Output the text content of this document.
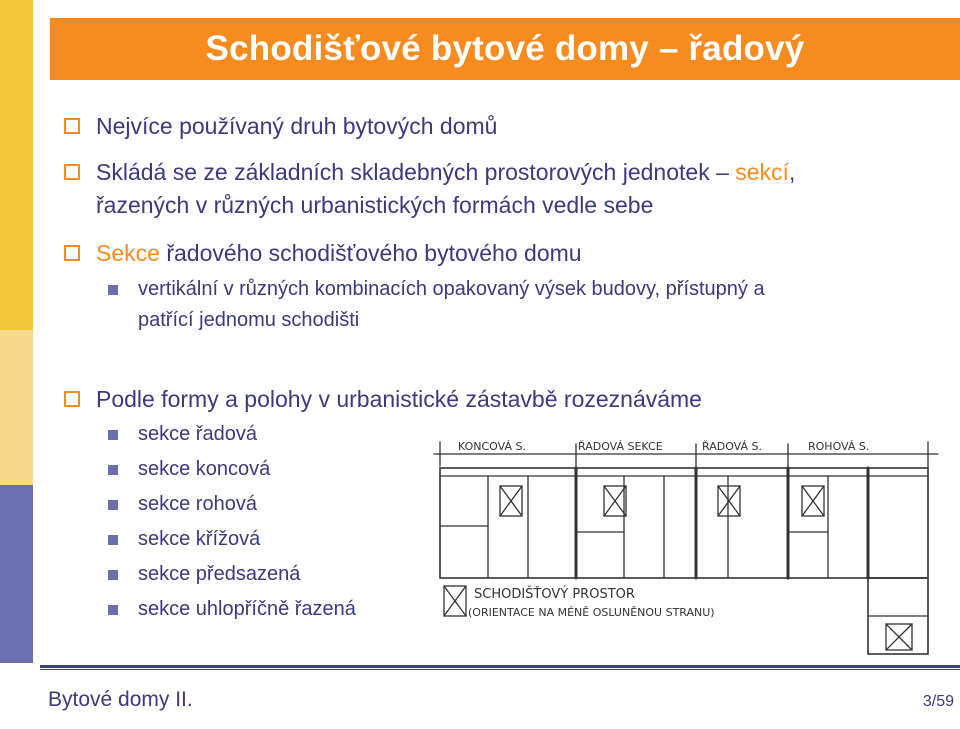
Schodišťové bytové domy – řadový
Nejvíce používaný druh bytových domů
Skládá se ze základních skladebných prostorových jednotek – sekcí,
řazených v různých urbanistických formách vedle sebe
Sekce řadového schodišťového bytového domu
vertikální v různých kombinacích opakovaný výsek budovy, přístupný a
patřící jednomu schodišti
Podle formy a polohy v urbanistické zástavbě rozeznáváme
sekce řadová
sekce koncová
sekce rohová
sekce křížová
sekce předsazená
sekce uhlopříčně řazená
KONCOVÁ S.	ŘADOVÁ SEKCE	ŘADOVÁ S.	ROHOVÁ S.
SCHODIŠŤOVÝ PROSTOR
(ORIENTACE NA MÉNĚ OSLUNĚNOU STRANU)
Bytové domy II.	3/59
